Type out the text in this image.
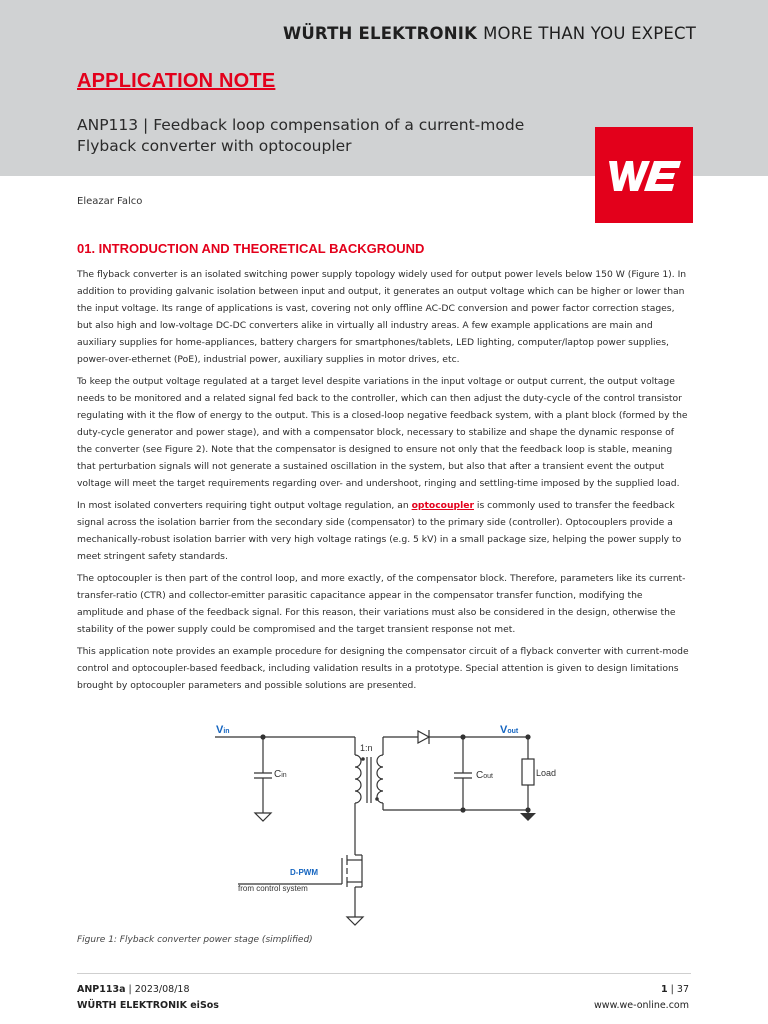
WÜRTH ELEKTRONIK MORE THAN YOU EXPECT
APPLICATION NOTE
ANP113 | Feedback loop compensation of a current-mode Flyback converter with optocoupler
Eleazar Falco
01. INTRODUCTION AND THEORETICAL BACKGROUND

The flyback converter is an isolated switching power supply topology widely used for output power levels below 150 W (Figure 1). In addition to providing galvanic isolation between input and output, it generates an output voltage which can be higher or lower than the input voltage. Its range of applications is vast, covering not only offline AC-DC conversion and power factor correction stages, but also high and low-voltage DC-DC converters alike in virtually all industry areas. A few example applications are main and auxiliary supplies for home-appliances, battery chargers for smartphones/tablets, LED lighting, computer/laptop power supplies, power-over-ethernet (PoE), industrial power, auxiliary supplies in motor drives, etc.

To keep the output voltage regulated at a target level despite variations in the input voltage or output current, the output voltage needs to be monitored and a related signal fed back to the controller, which can then adjust the duty-cycle of the control transistor regulating with it the flow of energy to the output. This is a closed-loop negative feedback system, with a plant block (formed by the duty-cycle generator and power stage), and with a compensator block, necessary to stabilize and shape the dynamic response of the converter (see Figure 2). Note that the compensator is designed to ensure not only that the feedback loop is stable, meaning that perturbation signals will not generate a sustained oscillation in the system, but also that after a transient event the output voltage will meet the target requirements regarding over- and undershoot, ringing and settling-time imposed by the supplied load.

In most isolated converters requiring tight output voltage regulation, an optocoupler is commonly used to transfer the feedback signal across the isolation barrier from the secondary side (compensator) to the primary side (controller). Optocouplers provide a mechanically-robust isolation barrier with very high voltage ratings (e.g. 5 kV) in a small package size, helping the power supply to meet stringent safety standards.

The optocoupler is then part of the control loop, and more exactly, of the compensator block. Therefore, parameters like its current-transfer-ratio (CTR) and collector-emitter parasitic capacitance appear in the compensator transfer function, modifying the amplitude and phase of the feedback signal. For this reason, their variations must also be considered in the design, otherwise the stability of the power supply could be compromised and the target transient response not met.

This application note provides an example procedure for designing the compensator circuit of a flyback converter with current-mode control and optocoupler-based feedback, including validation results in a prototype. Special attention is given to design limitations brought by optocoupler parameters and possible solutions are presented.

Vin	Vout
Cin	Cout
1:n
Load
D-PWM
from control system
Figure 1: Flyback converter power stage (simplified)
ANP113a | 2023/08/18
WÜRTH ELEKTRONIK eiSos
1 | 37
www.we-online.com
